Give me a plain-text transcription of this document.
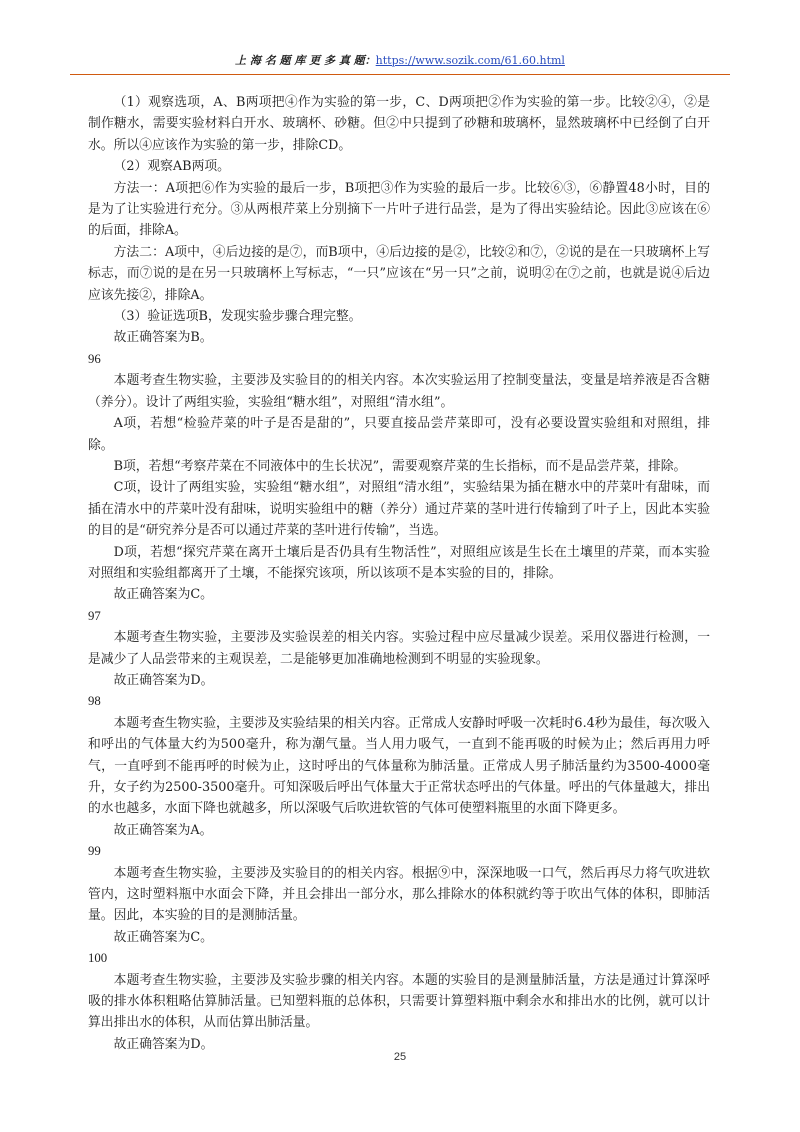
上 海 名 题 库 更 多 真 题：https://www.sozik.com/61.60.html

（1）观察选项，A、B两项把④作为实验的第一步，C、D两项把②作为实验的第一步。比较②④，②是制作糖水，需要实验材料白开水、玻璃杯、砂糖。但②中只提到了砂糖和玻璃杯，显然玻璃杯中已经倒了白开水。所以④应该作为实验的第一步，排除CD。

（2）观察AB两项。

方法一：A项把⑥作为实验的最后一步，B项把③作为实验的最后一步。比较⑥③，⑥静置48小时，目的是为了让实验进行充分。③从两根芹菜上分别摘下一片叶子进行品尝，是为了得出实验结论。因此③应该在⑥的后面，排除A。

方法二：A项中，④后边接的是⑦，而B项中，④后边接的是②，比较②和⑦，②说的是在一只玻璃杯上写标志，而⑦说的是在另一只玻璃杯上写标志，“一只”应该在“另一只”之前，说明②在⑦之前，也就是说④后边应该先接②，排除A。

（3）验证选项B，发现实验步骤合理完整。

故正确答案为B。

96

本题考查生物实验，主要涉及实验目的的相关内容。本次实验运用了控制变量法，变量是培养液是否含糖（养分）。设计了两组实验，实验组“糖水组”，对照组“清水组”。

A项，若想“检验芹菜的叶子是否是甜的”，只要直接品尝芹菜即可，没有必要设置实验组和对照组，排除。

B项，若想“考察芹菜在不同液体中的生长状况”，需要观察芹菜的生长指标，而不是品尝芹菜，排除。

C项，设计了两组实验，实验组“糖水组”，对照组“清水组”，实验结果为插在糖水中的芹菜叶有甜味，而插在清水中的芹菜叶没有甜味，说明实验组中的糖（养分）通过芹菜的茎叶进行传输到了叶子上，因此本实验的目的是“研究养分是否可以通过芹菜的茎叶进行传输”，当选。

D项，若想“探究芹菜在离开土壤后是否仍具有生物活性”，对照组应该是生长在土壤里的芹菜，而本实验对照组和实验组都离开了土壤，不能探究该项，所以该项不是本实验的目的，排除。

故正确答案为C。

97

本题考查生物实验，主要涉及实验误差的相关内容。实验过程中应尽量减少误差。采用仪器进行检测，一是减少了人品尝带来的主观误差，二是能够更加准确地检测到不明显的实验现象。

故正确答案为D。

98

本题考查生物实验，主要涉及实验结果的相关内容。正常成人安静时呼吸一次耗时6.4秒为最佳，每次吸入和呼出的气体量大约为500毫升，称为潮气量。当人用力吸气，一直到不能再吸的时候为止；然后再用力呼气，一直呼到不能再呼的时候为止，这时呼出的气体量称为肺活量。正常成人男子肺活量约为3500-4000毫升，女子约为2500-3500毫升。可知深吸后呼出气体量大于正常状态呼出的气体量。呼出的气体量越大，排出的水也越多，水面下降也就越多，所以深吸气后吹进软管的气体可使塑料瓶里的水面下降更多。

故正确答案为A。

99

本题考查生物实验，主要涉及实验目的的相关内容。根据⑨中，深深地吸一口气，然后再尽力将气吹进软管内，这时塑料瓶中水面会下降，并且会排出一部分水，那么排除水的体积就约等于吹出气体的体积，即肺活量。因此，本实验的目的是测肺活量。

故正确答案为C。

100

本题考查生物实验，主要涉及实验步骤的相关内容。本题的实验目的是测量肺活量，方法是通过计算深呼吸的排水体积粗略估算肺活量。已知塑料瓶的总体积，只需要计算塑料瓶中剩余水和排出水的比例，就可以计算出排出水的体积，从而估算出肺活量。

故正确答案为D。

25
